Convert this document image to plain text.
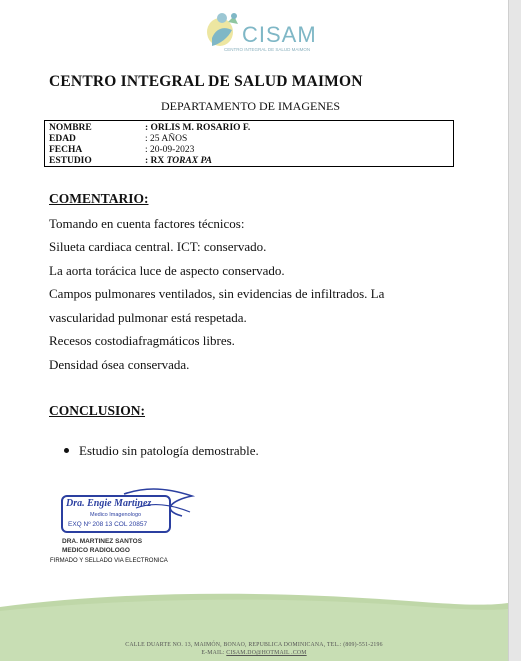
CISAM
CENTRO INTEGRAL DE SALUD MAIMON
CENTRO INTEGRAL DE SALUD MAIMON
DEPARTAMENTO DE IMAGENES
NOMBRE	: ORLIS M. ROSARIO F.
EDAD	: 25 AÑOS
FECHA	: 20-09-2023
ESTUDIO	: RX TORAX PA
COMENTARIO:
Tomando en cuenta factores técnicos:
Silueta cardiaca central. ICT: conservado.
La aorta torácica luce de aspecto conservado.
Campos pulmonares ventilados, sin evidencias de infiltrados. La
vascularidad pulmonar está respetada.
Recesos costodiafragmáticos libres.
Densidad ósea conservada.
CONCLUSION:
Estudio sin patología demostrable.
Dra. Engie Martinez
Medico Imagenologo
EXQ Nº 208 13 COL 20857
DRA. MARTINEZ SANTOS
MEDICO RADIOLOGO
FIRMADO Y SELLADO VIA ELECTRONICA
CALLE DUARTE NO. 13, MAIMÓN, BONAO, REPUBLICA DOMINICANA, TEL.: (809)-551-2196
E-MAIL: CISAM.DO@HOTMAIL .COM
